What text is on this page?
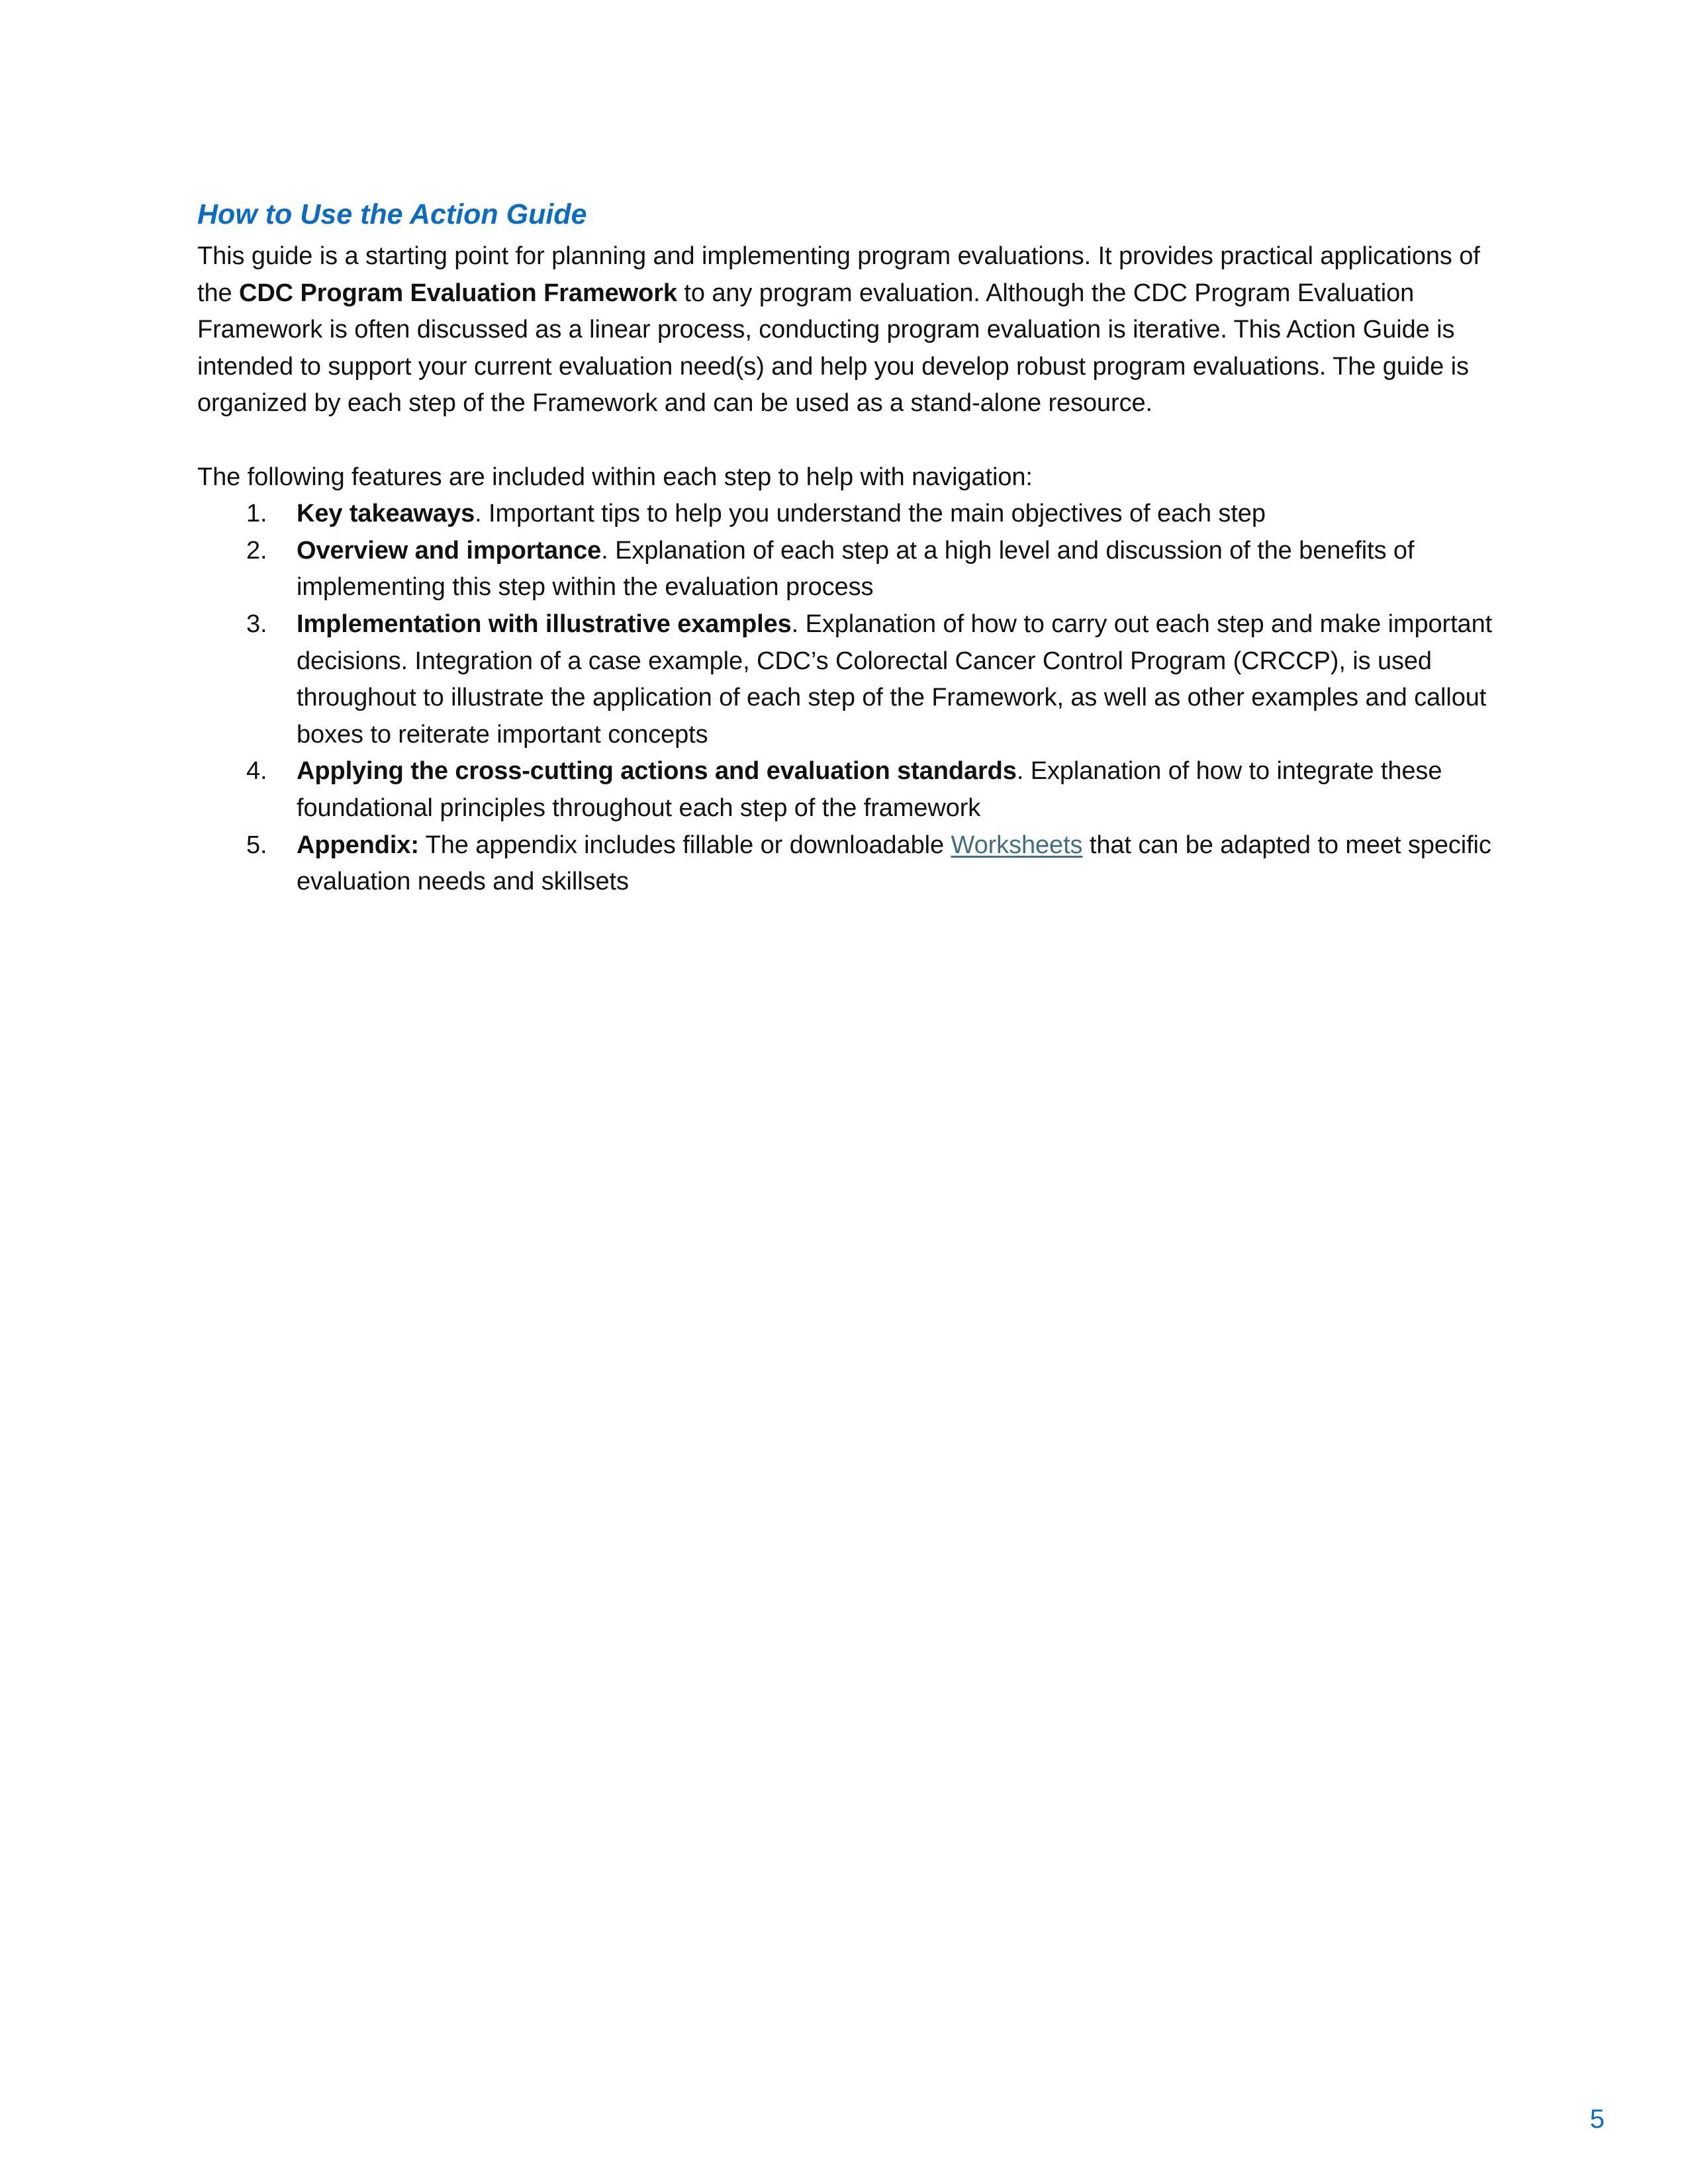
How to Use the Action Guide

This guide is a starting point for planning and implementing program evaluations. It provides practical applications of the CDC Program Evaluation Framework to any program evaluation. Although the CDC Program Evaluation Framework is often discussed as a linear process, conducting program evaluation is iterative. This Action Guide is intended to support your current evaluation need(s) and help you develop robust program evaluations. The guide is organized by each step of the Framework and can be used as a stand-alone resource.

The following features are included within each step to help with navigation:

1.	Key takeaways. Important tips to help you understand the main objectives of each step
2.	Overview and importance. Explanation of each step at a high level and discussion of the benefits of implementing this step within the evaluation process
3.	Implementation with illustrative examples. Explanation of how to carry out each step and make important decisions. Integration of a case example, CDC’s Colorectal Cancer Control Program (CRCCP), is used throughout to illustrate the application of each step of the Framework, as well as other examples and callout boxes to reiterate important concepts
4.	Applying the cross-cutting actions and evaluation standards. Explanation of how to integrate these foundational principles throughout each step of the framework
5.	Appendix: The appendix includes fillable or downloadable Worksheets that can be adapted to meet specific evaluation needs and skillsets
5
